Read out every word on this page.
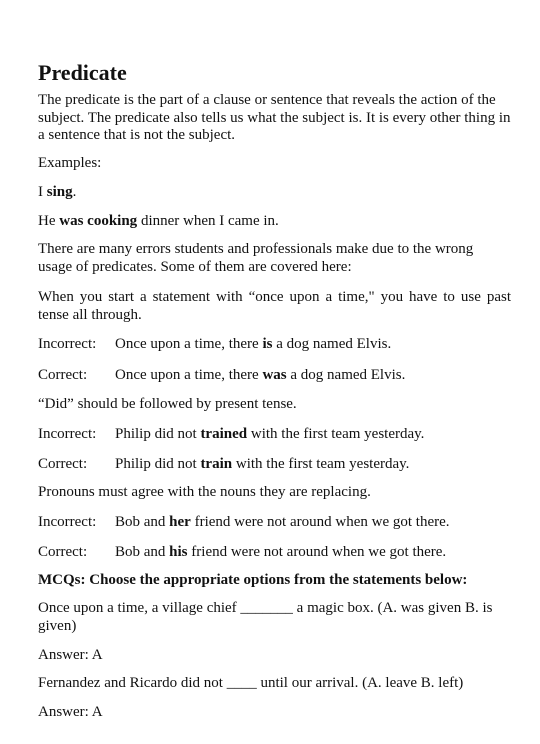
Predicate

The predicate is the part of a clause or sentence that reveals the action of the subject. The predicate also tells us what the subject is. It is every other thing in a sentence that is not the subject.

Examples:

I sing.

He was cooking dinner when I came in.

There are many errors students and professionals make due to the wrong usage of predicates. Some of them are covered here:

When you start a statement with “once upon a time," you have to use past tense all through.

Incorrect: Once upon a time, there is a dog named Elvis.
Correct: Once upon a time, there was a dog named Elvis.

“Did” should be followed by present tense.

Incorrect: Philip did not trained with the first team yesterday.
Correct: Philip did not train with the first team yesterday.

Pronouns must agree with the nouns they are replacing.

Incorrect: Bob and her friend were not around when we got there.
Correct: Bob and his friend were not around when we got there.

MCQs: Choose the appropriate options from the statements below:

Once upon a time, a village chief _______ a magic box. (A. was given B. is given)

Answer: A

Fernandez and Ricardo did not ____ until our arrival. (A. leave B. left)

Answer: A
